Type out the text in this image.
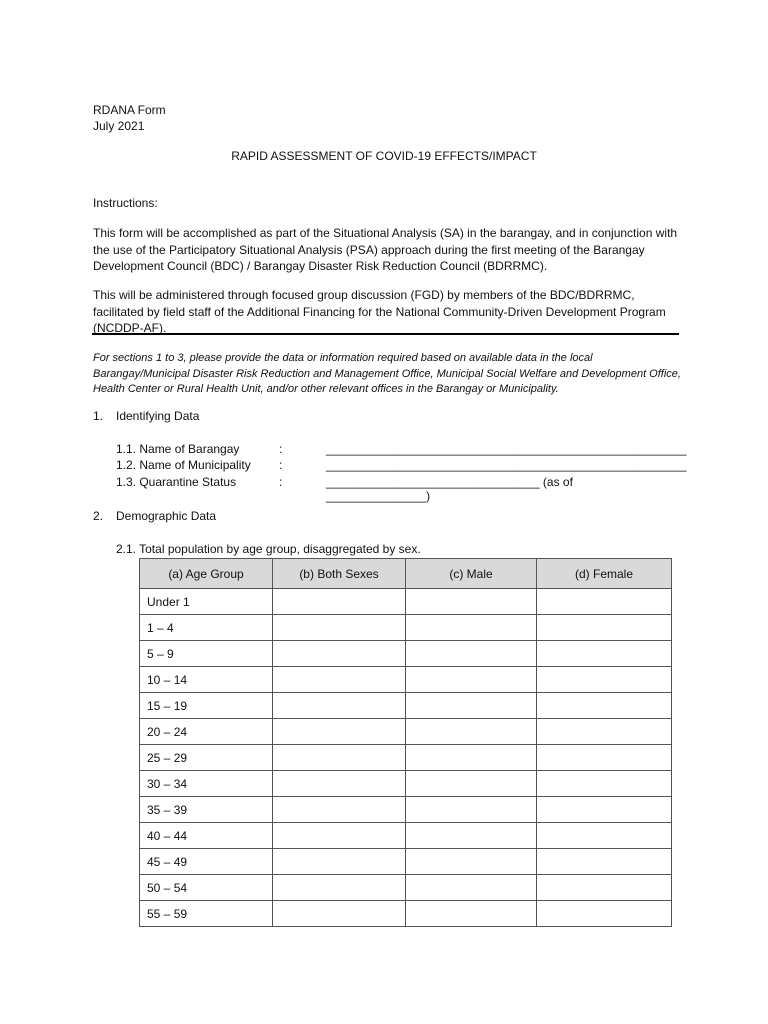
RDANA Form
July 2021
RAPID ASSESSMENT OF COVID-19 EFFECTS/IMPACT
Instructions:
This form will be accomplished as part of the Situational Analysis (SA) in the barangay, and in conjunction with the use of the Participatory Situational Analysis (PSA) approach during the first meeting of the Barangay Development Council (BDC) / Barangay Disaster Risk Reduction Council (BDRRMC).
This will be administered through focused group discussion (FGD) by members of the BDC/BDRRMC, facilitated by field staff of the Additional Financing for the National Community-Driven Development Program (NCDDP-AF).
For sections 1 to 3, please provide the data or information required based on available data in the local Barangay/Municipal Disaster Risk Reduction and Management Office, Municipal Social Welfare and Development Office, Health Center or Rural Health Unit, and/or other relevant offices in the Barangay or Municipality.
1. Identifying Data
1.1. Name of Barangay	:	______________________________________________________
1.2. Name of Municipality :	______________________________________________________
1.3. Quarantine Status	:	________________________________ (as of _______________)
2. Demographic Data
2.1. Total population by age group, disaggregated by sex.
(a) Age Group	(b) Both Sexes	(c) Male	(d) Female
Under 1			
1 – 4			
5 – 9			
10 – 14			
15 – 19			
20 – 24			
25 – 29			
30 – 34			
35 – 39			
40 – 44			
45 – 49			
50 – 54			
55 – 59			
